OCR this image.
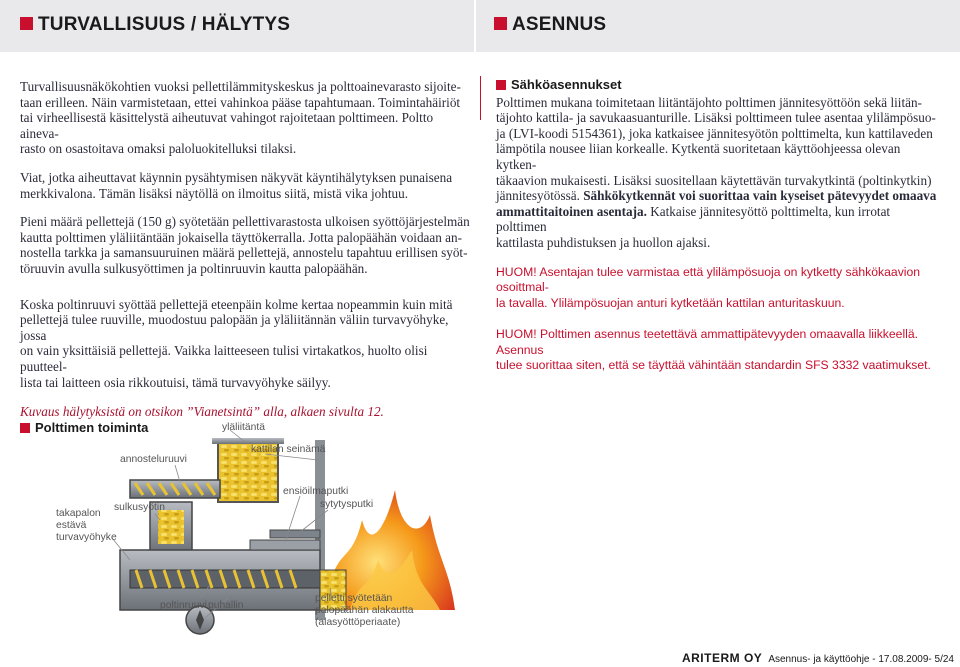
TURVALLISUUS / HÄLYTYS	ASENNUS

Turvallisuusnäkökohtien vuoksi pellettilämmityskeskus ja polttoainevarasto sijoite-
taan erilleen. Näin varmistetaan, ettei vahinkoa pääse tapahtumaan. Toimintahäiriöt
tai virheellisestä käsittelystä aiheutuvat vahingot rajoitetaan polttimeen. Poltto aineva-
rasto on osastoitava omaksi paloluokitelluksi tilaksi.

Viat, jotka aiheuttavat käynnin pysähtymisen näkyvät käyntihälytyksen punaisena
merkkivalona. Tämän lisäksi näytöllä on ilmoitus siitä, mistä vika johtuu.

Pieni määrä pellettejä (150 g) syötetään pellettivarastosta ulkoisen syöttöjärjestelmän
kautta polttimen yläliitäntään jokaisella täyttökerralla. Jotta palopäähän voidaan an-
nostella tarkka ja samansuuruinen määrä pellettejä, annostelu tapahtuu erillisen syöt-
töruuvin avulla sulkusyöttimen ja poltinruuvin kautta palopäähän.

Koska poltinruuvi syöttää pellettejä eteenpäin kolme kertaa nopeammin kuin mitä
pellettejä tulee ruuville, muodostuu palopään ja yläliitännän väliin turvavyöhyke, jossa
on vain yksittäisiä pellettejä. Vaikka laitteeseen tulisi virtakatkos, huolto olisi puutteel-
lista tai laitteen osia rikkoutuisi, tämä turvavyöhyke säilyy.

Kuvaus hälytyksistä on otsikon ”Vianetsintä” alla, alkaen sivulta 12.

Sähköasennukset

Polttimen mukana toimitetaan liitäntäjohto polttimen jännitesyöttöön sekä liitän-
täjohto kattila- ja savukaasuanturille. Lisäksi polttimeen tulee asentaa ylilämpösuo-
ja (LVI-koodi 5154361), joka katkaisee jännitesyötön polttimelta, kun kattilaveden
lämpötila nousee liian korkealle. Kytkentä suoritetaan käyttöohjeessa olevan kytken-
täkaavion mukaisesti. Lisäksi suositellaan käytettävän turvakytkintä (poltinkytkin)
jännitesyötössä. Sähkökytkennät voi suorittaa vain kyseiset pätevyydet omaava
ammattitaitoinen asentaja. Katkaise jännitesyöttö polttimelta, kun irrotat polttimen
kattilasta puhdistuksen ja huollon ajaksi.

HUOM! Asentajan tulee varmistaa että ylilämpösuoja on kytketty sähkökaavion osoittmal-
la tavalla. Ylilämpösuojan anturi kytketään kattilan anturitaskuun.
HUOM! Polttimen asennus teetettävä ammattipätevyyden omaavalla liikkeellä. Asennus
tulee suorittaa siten, että se täyttää vähintään standardin SFS 3332 vaatimukset.
Polttimen toiminta	yläliitäntä
annosteluruuvi
kattilan seinämä
ensiöilmaputki
sytytysputki
sulkusyötin
takapalon
estävä
turvavyöhyke
poltinruuvi puhallin
pelletti syötetään
palopäähän alakautta
(alasyöttöperiaate)
ARITERM OY Asennus- ja käyttöohje - 17.08.2009- 5/24
